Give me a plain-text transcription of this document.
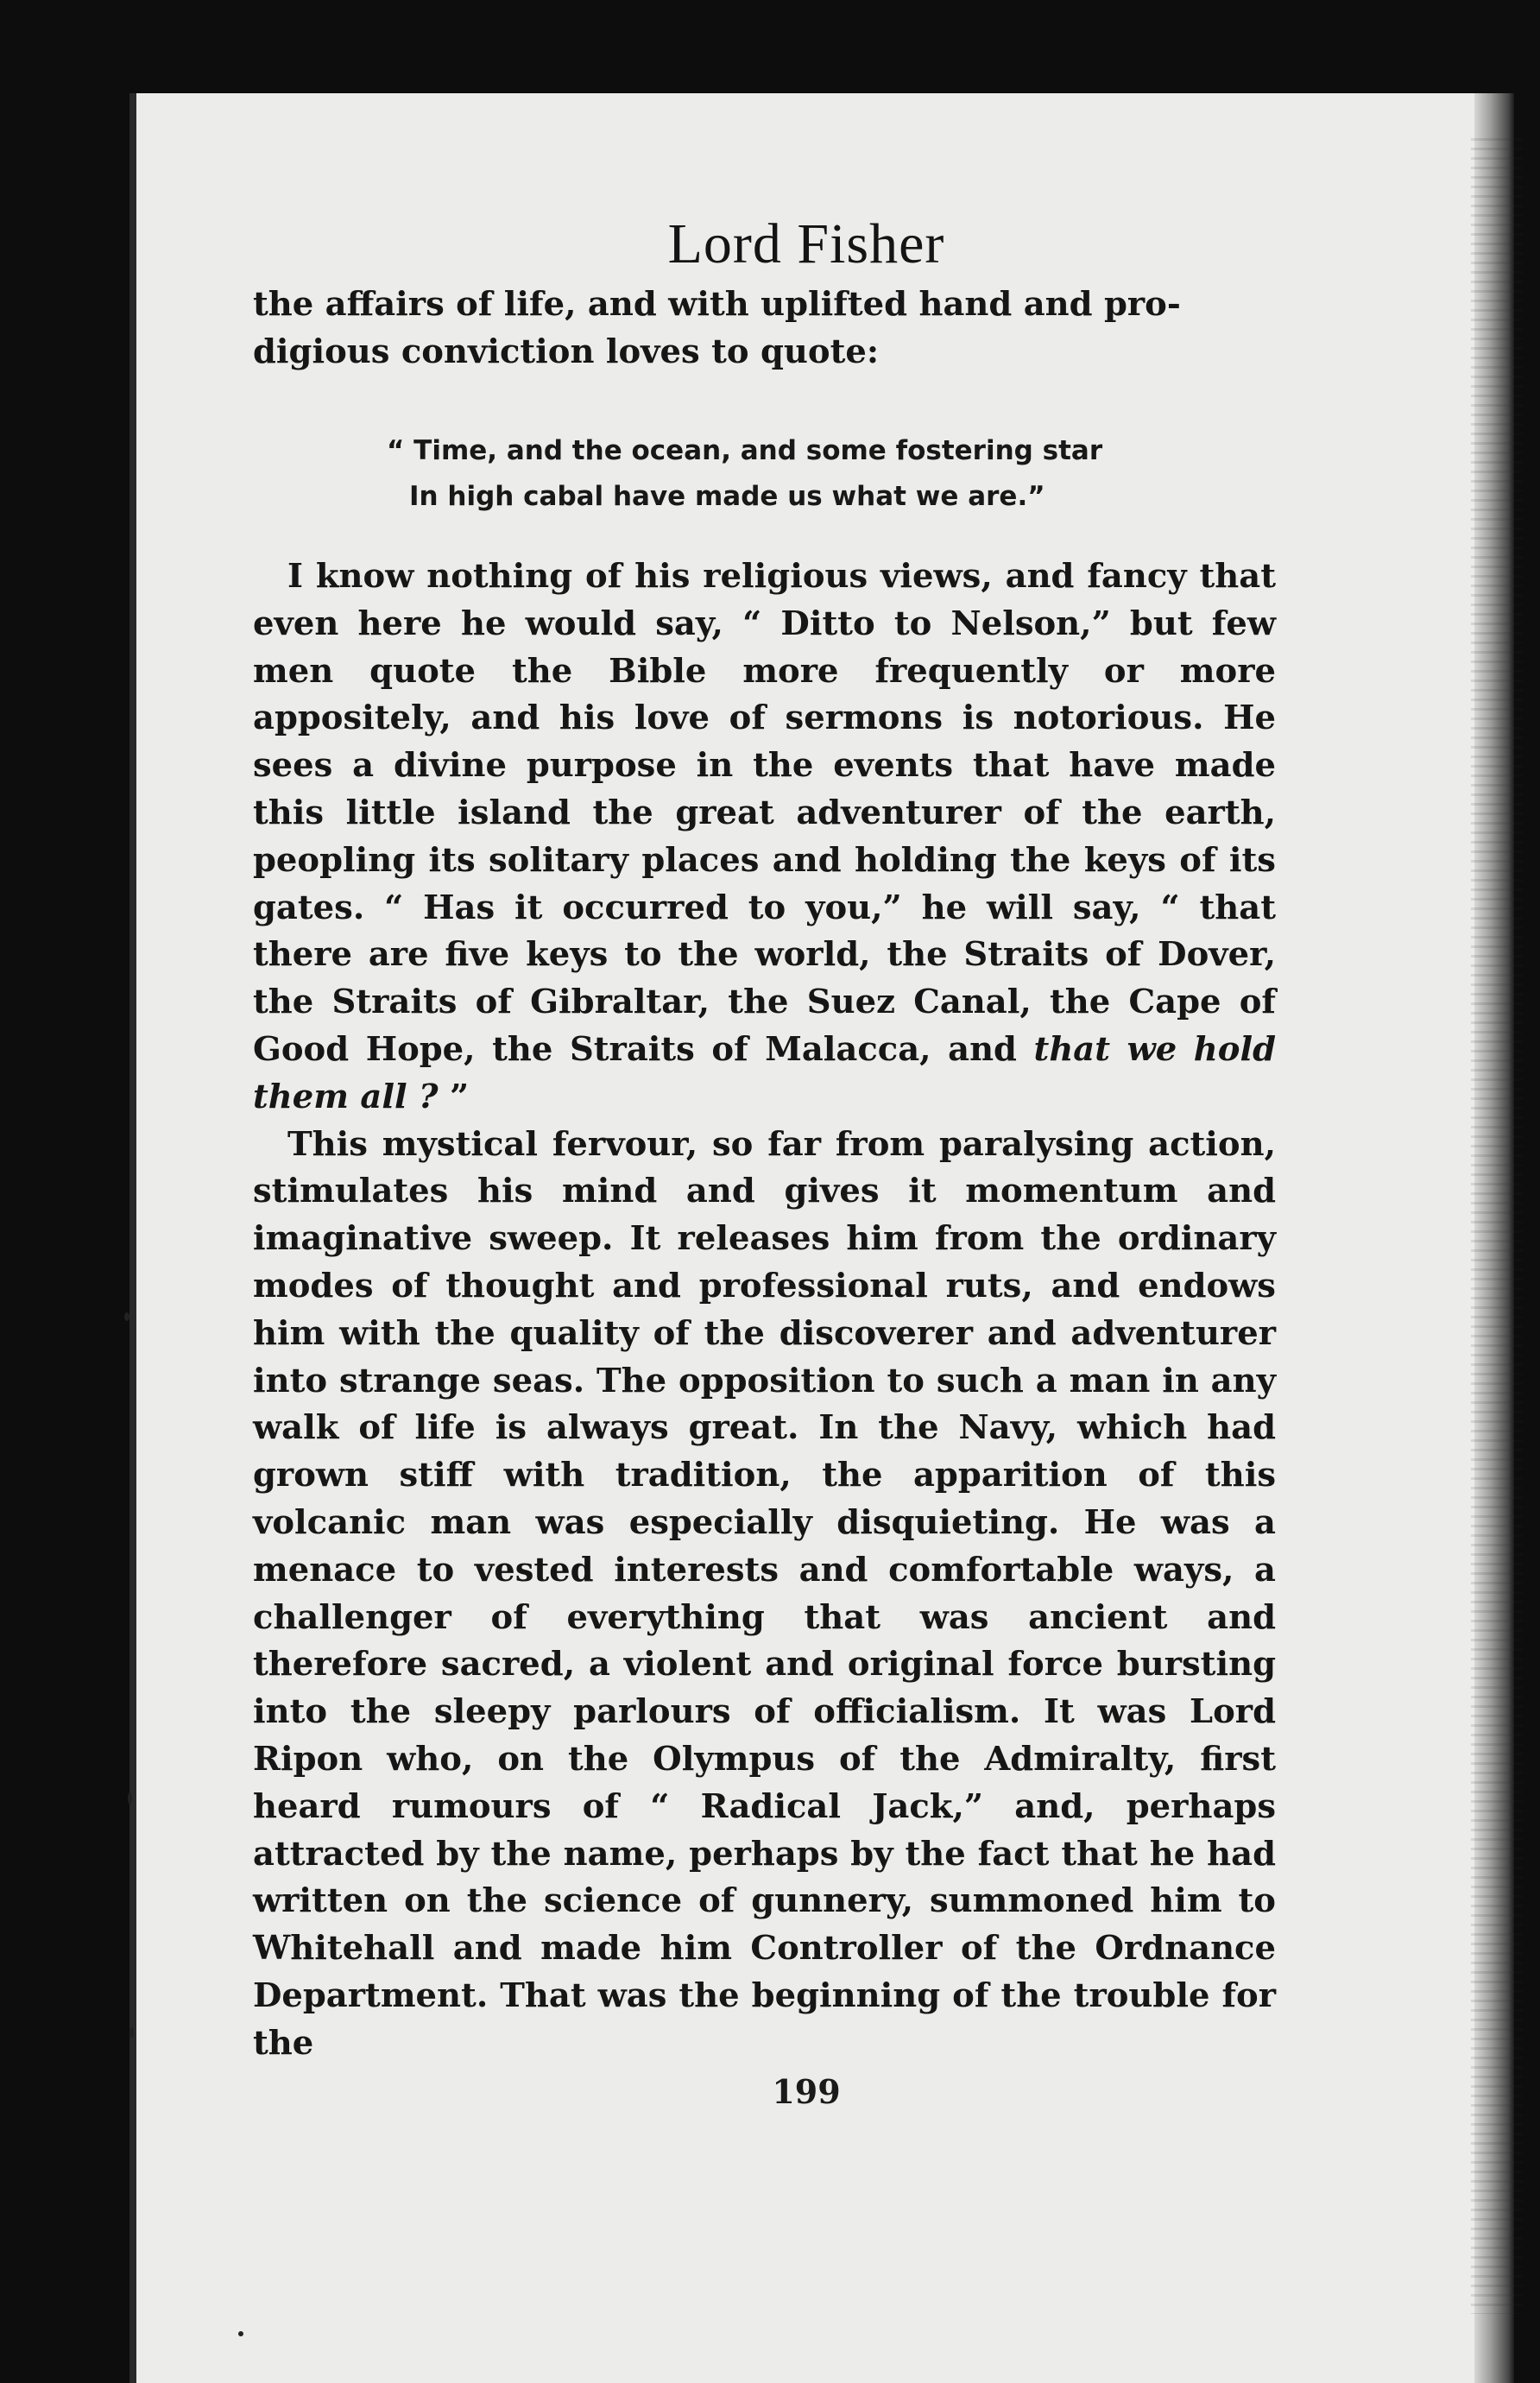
Lord Fisher

the affairs of life, and with uplifted hand and pro-

digious conviction loves to quote:

“ Time, and the ocean, and some fostering star
In high cabal have made us what we are.”

I know nothing of his religious views, and fancy that even here he would say, “ Ditto to Nelson,” but few men quote the Bible more frequently or more appositely, and his love of sermons is notorious. He sees a divine purpose in the events that have made this little island the great adventurer of the earth, peopling its solitary places and holding the keys of its gates. “ Has it occurred to you,” he will say, “ that there are five keys to the world, the Straits of Dover, the Straits of Gibraltar, the Suez Canal, the Cape of Good Hope, the Straits of Malacca, and that we hold them all ? ”

This mystical fervour, so far from paralysing action, stimulates his mind and gives it momentum and imaginative sweep. It releases him from the ordinary modes of thought and professional ruts, and endows him with the quality of the discoverer and adventurer into strange seas. The opposition to such a man in any walk of life is always great. In the Navy, which had grown stiff with tradition, the apparition of this volcanic man was especially disquieting. He was a menace to vested interests and comfortable ways, a challenger of everything that was ancient and therefore sacred, a violent and original force bursting into the sleepy parlours of officialism. It was Lord Ripon who, on the Olympus of the Admiralty, first heard rumours of “ Radical Jack,” and, perhaps attracted by the name, perhaps by the fact that he had written on the science of gunnery, summoned him to Whitehall and made him Controller of the Ordnance Department. That was the beginning of the trouble for the

199
